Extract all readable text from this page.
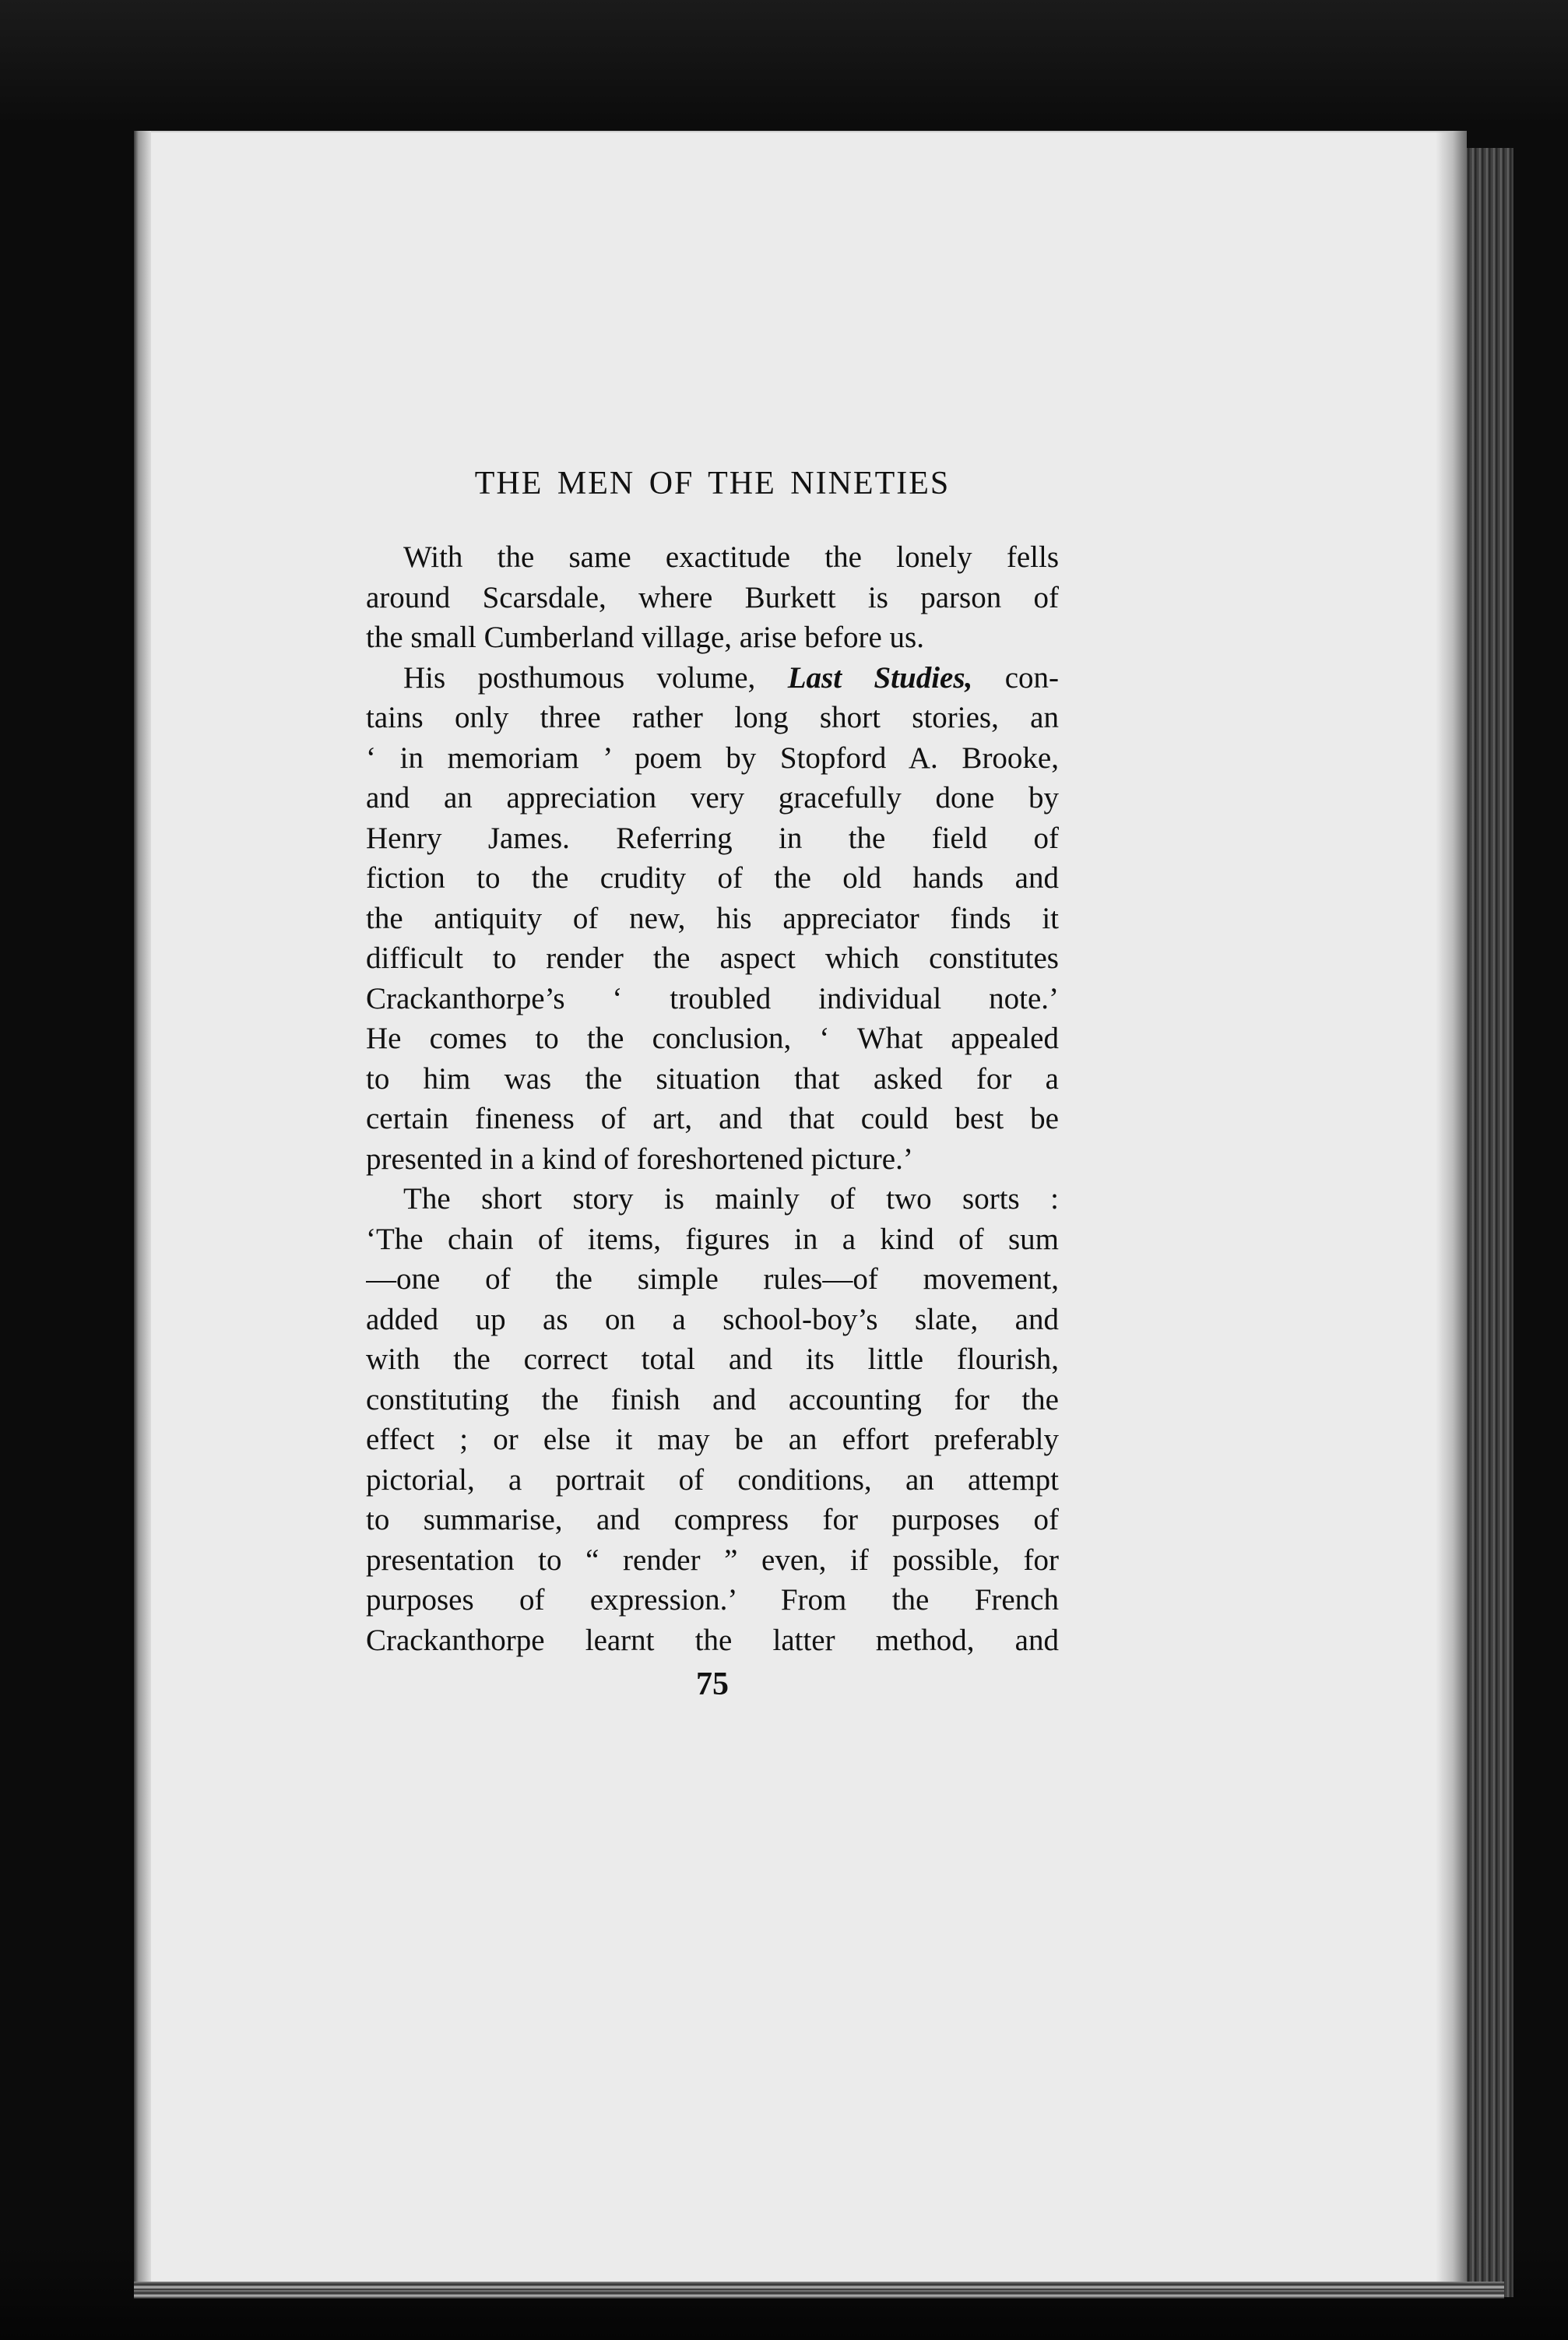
THE MEN OF THE NINETIES
With the same exactitude the lonely fells
around Scarsdale, where Burkett is parson of
the small Cumberland village, arise before us.
His posthumous volume, Last Studies, con-
tains only three rather long short stories, an
‘ in memoriam ’ poem by Stopford A. Brooke,
and an appreciation very gracefully done by
Henry James. Referring in the field of
fiction to the crudity of the old hands and
the antiquity of new, his appreciator finds it
difficult to render the aspect which constitutes
Crackanthorpe’s ‘ troubled individual note.’
He comes to the conclusion, ‘ What appealed
to him was the situation that asked for a
certain fineness of art, and that could best be
presented in a kind of foreshortened picture.’
The short story is mainly of two sorts :
‘The chain of items, figures in a kind of sum
—one of the simple rules—of movement,
added up as on a school-boy’s slate, and
with the correct total and its little flourish,
constituting the finish and accounting for the
effect ; or else it may be an effort preferably
pictorial, a portrait of conditions, an attempt
to summarise, and compress for purposes of
presentation to “ render ” even, if possible, for
purposes of expression.’ From the French
Crackanthorpe learnt the latter method, and
75
